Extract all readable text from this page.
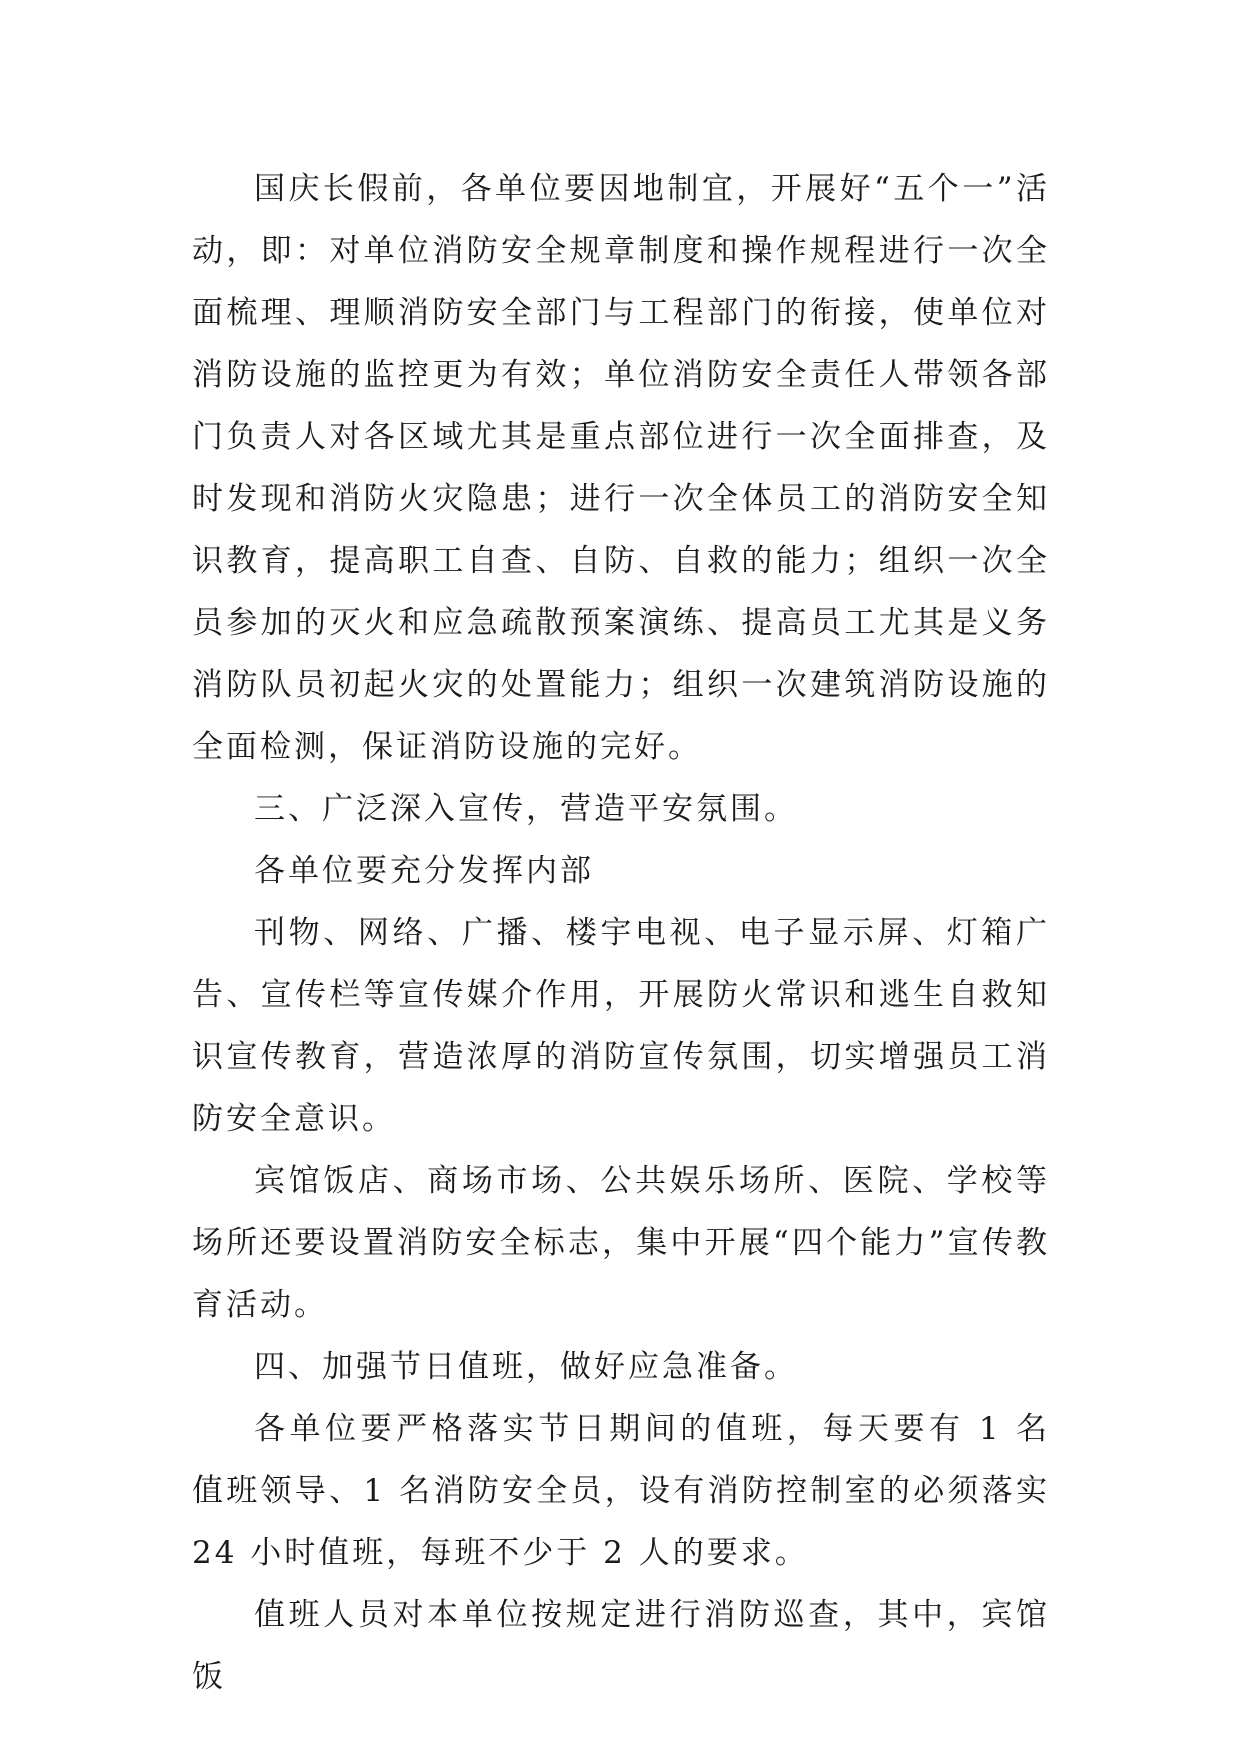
国庆长假前，各单位要因地制宜，开展好“五个一”活动，即：对单位消防安全规章制度和操作规程进行一次全面梳理、理顺消防安全部门与工程部门的衔接，使单位对消防设施的监控更为有效；单位消防安全责任人带领各部门负责人对各区域尤其是重点部位进行一次全面排查，及时发现和消防火灾隐患；进行一次全体员工的消防安全知识教育，提高职工自查、自防、自救的能力；组织一次全员参加的灭火和应急疏散预案演练、提高员工尤其是义务消防队员初起火灾的处置能力；组织一次建筑消防设施的全面检测，保证消防设施的完好。

三、广泛深入宣传，营造平安氛围。

各单位要充分发挥内部

刊物、网络、广播、楼宇电视、电子显示屏、灯箱广告、宣传栏等宣传媒介作用，开展防火常识和逃生自救知识宣传教育，营造浓厚的消防宣传氛围，切实增强员工消防安全意识。

宾馆饭店、商场市场、公共娱乐场所、医院、学校等场所还要设置消防安全标志，集中开展“四个能力”宣传教育活动。

四、加强节日值班，做好应急准备。

各单位要严格落实节日期间的值班，每天要有 1 名值班领导、1 名消防安全员，设有消防控制室的必须落实 24 小时值班，每班不少于 2 人的要求。

值班人员对本单位按规定进行消防巡查，其中，宾馆饭
